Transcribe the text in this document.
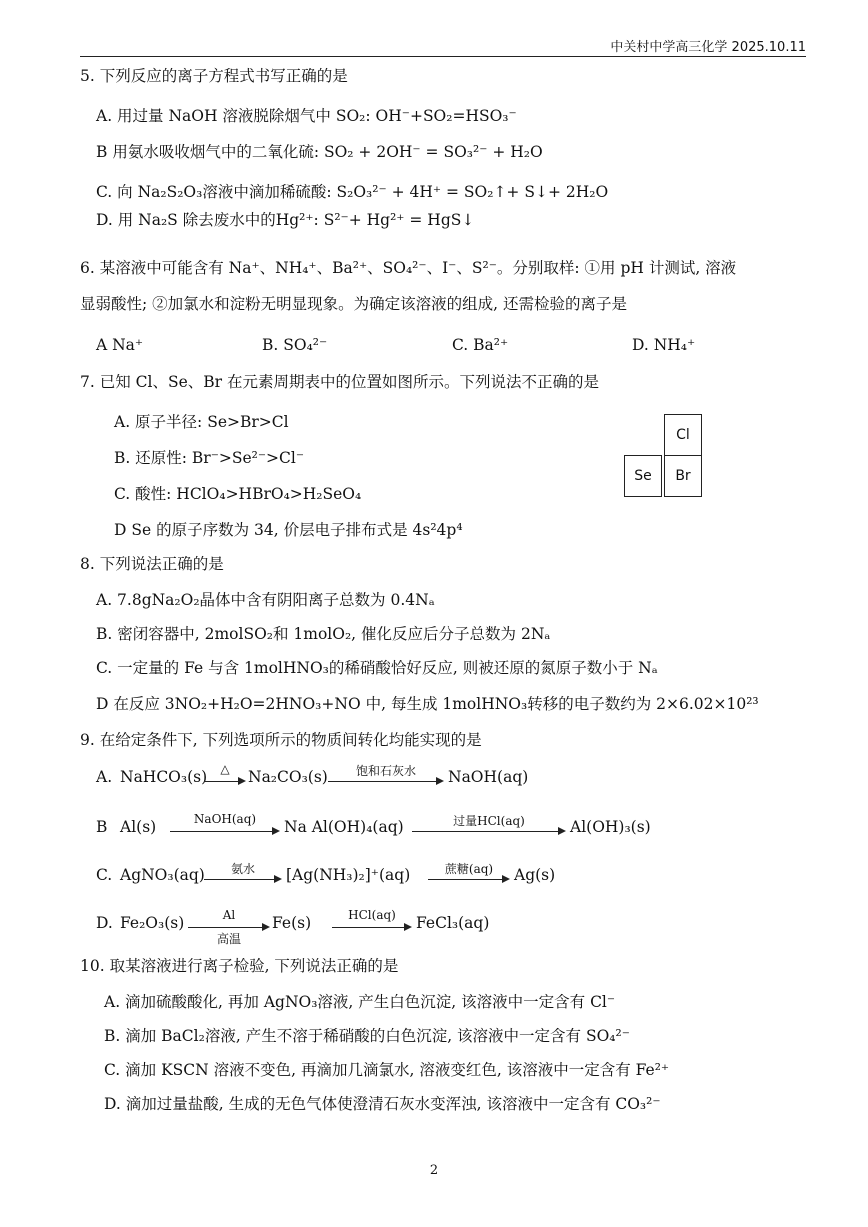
中关村中学高三化学 2025.10.11
5. 下列反应的离子方程式书写正确的是
A. 用过量 NaOH 溶液脱除烟气中 SO₂: OH⁻+SO₂=HSO₃⁻
B 用氨水吸收烟气中的二氧化硫: SO₂ + 2OH⁻ = SO₃²⁻ + H₂O
C. 向 Na₂S₂O₃溶液中滴加稀硫酸: S₂O₃²⁻ + 4H⁺ = SO₂↑+ S↓+ 2H₂O
D. 用 Na₂S 除去废水中的Hg²⁺: S²⁻+ Hg²⁺ = HgS↓
6. 某溶液中可能含有 Na⁺、NH₄⁺、Ba²⁺、SO₄²⁻、I⁻、S²⁻。分别取样: ①用 pH 计测试, 溶液
显弱酸性; ②加氯水和淀粉无明显现象。为确定该溶液的组成, 还需检验的离子是
A Na⁺	B. SO₄²⁻	C. Ba²⁺	D. NH₄⁺
7. 已知 Cl、Se、Br 在元素周期表中的位置如图所示。下列说法不正确的是
A. 原子半径: Se>Br>Cl
B. 还原性: Br⁻>Se²⁻>Cl⁻
C. 酸性: HClO₄>HBrO₄>H₂SeO₄
D Se 的原子序数为 34, 价层电子排布式是 4s²4p⁴
Cl
Se	Br
8. 下列说法正确的是
A. 7.8gNa₂O₂晶体中含有阴阳离子总数为 0.4Nₐ
B. 密闭容器中, 2molSO₂和 1molO₂, 催化反应后分子总数为 2Nₐ
C. 一定量的 Fe 与含 1molHNO₃的稀硝酸恰好反应, 则被还原的氮原子数小于 Nₐ
D 在反应 3NO₂+H₂O=2HNO₃+NO 中, 每生成 1molHNO₃转移的电子数约为 2×6.02×10²³
9. 在给定条件下, 下列选项所示的物质间转化均能实现的是
A. NaHCO₃(s)	△	Na₂CO₃(s)	饱和石灰水	NaOH(aq)
B Al(s)	NaOH(aq)	Na Al(OH)₄(aq)	过量HCl(aq)	Al(OH)₃(s)
C. AgNO₃(aq)	氨水	[Ag(NH₃)₂]⁺(aq)	蔗糖(aq)	Ag(s)
D. Fe₂O₃(s)	Al
高温
Fe(s)	HCl(aq)	FeCl₃(aq)
10. 取某溶液进行离子检验, 下列说法正确的是
A. 滴加硫酸酸化, 再加 AgNO₃溶液, 产生白色沉淀, 该溶液中一定含有 Cl⁻
B. 滴加 BaCl₂溶液, 产生不溶于稀硝酸的白色沉淀, 该溶液中一定含有 SO₄²⁻
C. 滴加 KSCN 溶液不变色, 再滴加几滴氯水, 溶液变红色, 该溶液中一定含有 Fe²⁺
D. 滴加过量盐酸, 生成的无色气体使澄清石灰水变浑浊, 该溶液中一定含有 CO₃²⁻
2
